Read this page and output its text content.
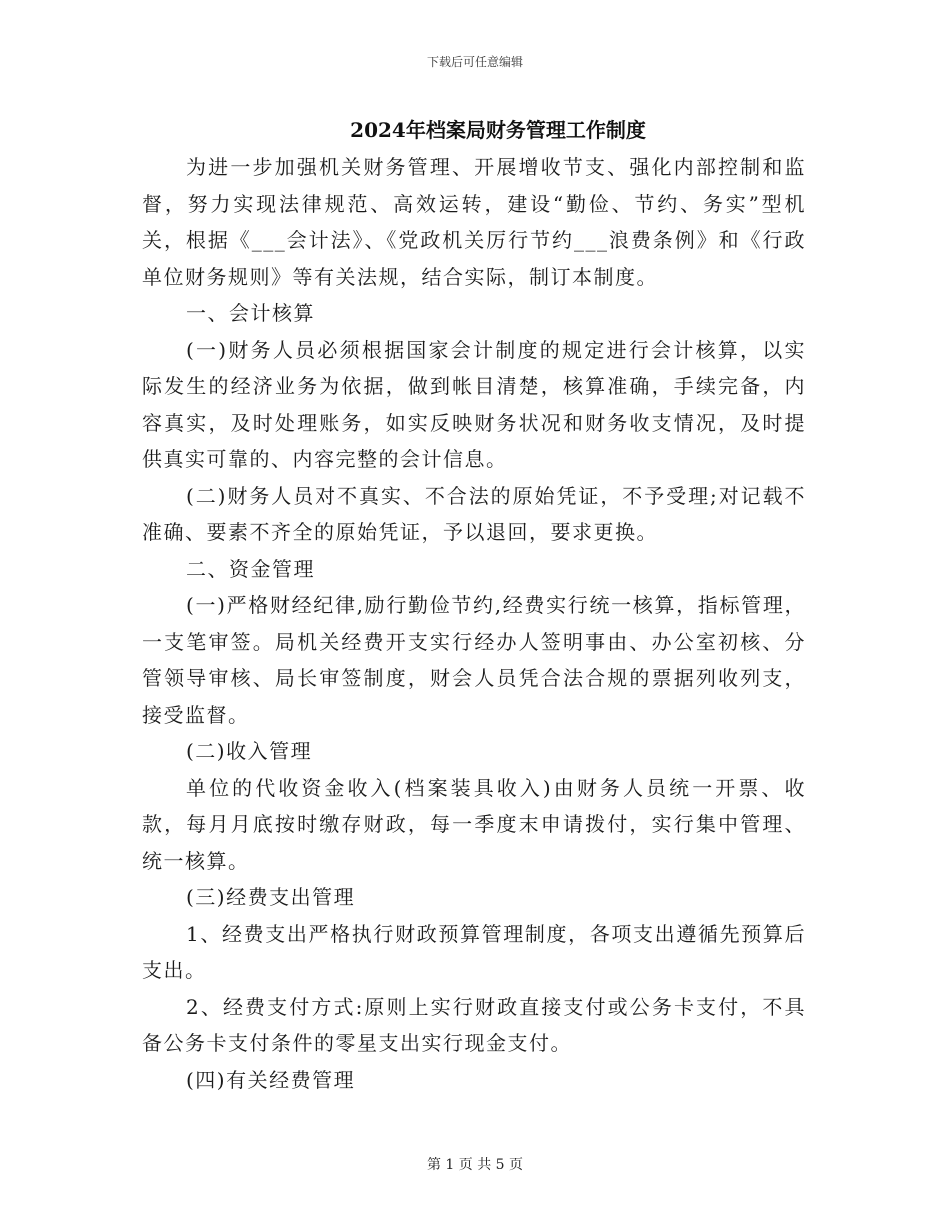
下载后可任意编辑
2024年档案局财务管理工作制度

为进一步加强机关财务管理、开展增收节支、强化内部控制和监督，努力实现法律规范、高效运转，建设“勤俭、节约、务实”型机关，根据《___会计法》、《党政机关厉行节约___浪费条例》和《行政单位财务规则》等有关法规，结合实际，制订本制度。

一、会计核算

(一)财务人员必须根据国家会计制度的规定进行会计核算，以实际发生的经济业务为依据，做到帐目清楚，核算准确，手续完备，内容真实，及时处理账务，如实反映财务状况和财务收支情况，及时提供真实可靠的、内容完整的会计信息。

(二)财务人员对不真实、不合法的原始凭证，不予受理;对记载不准确、要素不齐全的原始凭证，予以退回，要求更换。

二、资金管理

(一)严格财经纪律,励行勤俭节约,经费实行统一核算，指标管理，一支笔审签。局机关经费开支实行经办人签明事由、办公室初核、分管领导审核、局长审签制度，财会人员凭合法合规的票据列收列支，接受监督。

(二)收入管理

单位的代收资金收入(档案装具收入)由财务人员统一开票、收款，每月月底按时缴存财政，每一季度末申请拨付，实行集中管理、统一核算。

(三)经费支出管理

1、经费支出严格执行财政预算管理制度，各项支出遵循先预算后支出。

2、经费支付方式:原则上实行财政直接支付或公务卡支付，不具备公务卡支付条件的零星支出实行现金支付。

(四)有关经费管理

第 1 页 共 5 页
